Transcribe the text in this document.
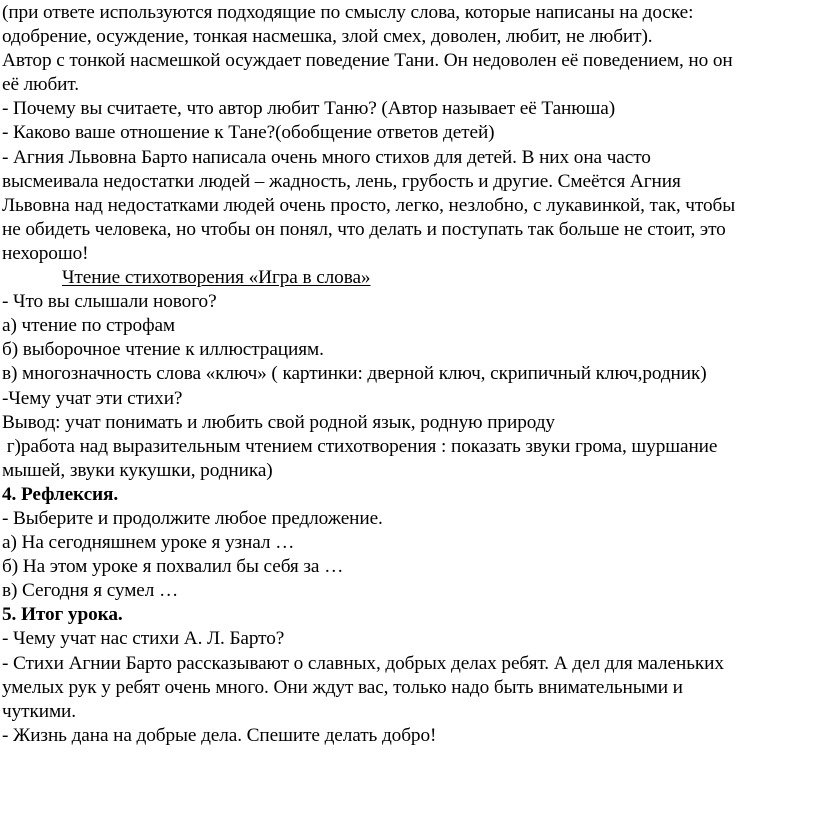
(при ответе используются подходящие по смыслу слова, которые написаны на доске:
одобрение, осуждение, тонкая насмешка, злой смех, доволен, любит, не любит).
Автор с тонкой насмешкой осуждает поведение Тани. Он недоволен её поведением, но он
её любит.
- Почему вы считаете, что автор любит Таню? (Автор называет её Танюша)
- Каково ваше отношение к Тане?(обобщение ответов детей)
- Агния Львовна Барто написала очень много стихов для детей. В них она часто
высмеивала недостатки людей – жадность, лень, грубость и другие. Смеётся Агния
Львовна над недостатками людей очень просто, легко, незлобно, с лукавинкой, так, чтобы
не обидеть человека, но чтобы он понял, что делать и поступать так больше не стоит, это
нехорошо!
Чтение стихотворения «Игра в слова»
- Что вы слышали нового?
а) чтение по строфам
б) выборочное чтение к иллюстрациям.
в) многозначность слова «ключ» ( картинки: дверной ключ, скрипичный ключ,родник)
-Чему учат эти стихи?
Вывод: учат понимать и любить свой родной язык, родную природу
г)работа над выразительным чтением стихотворения : показать звуки грома, шуршание
мышей, звуки кукушки, родника)
4. Рефлексия.
- Выберите и продолжите любое предложение.
а) На сегодняшнем уроке я узнал …
б) На этом уроке я похвалил бы себя за …
в) Сегодня я сумел …
5. Итог урока.
- Чему учат нас стихи А. Л. Барто?
- Стихи Агнии Барто рассказывают о славных, добрых делах ребят. А дел для маленьких
умелых рук у ребят очень много. Они ждут вас, только надо быть внимательными и
чуткими.
- Жизнь дана на добрые дела. Спешите делать добро!
